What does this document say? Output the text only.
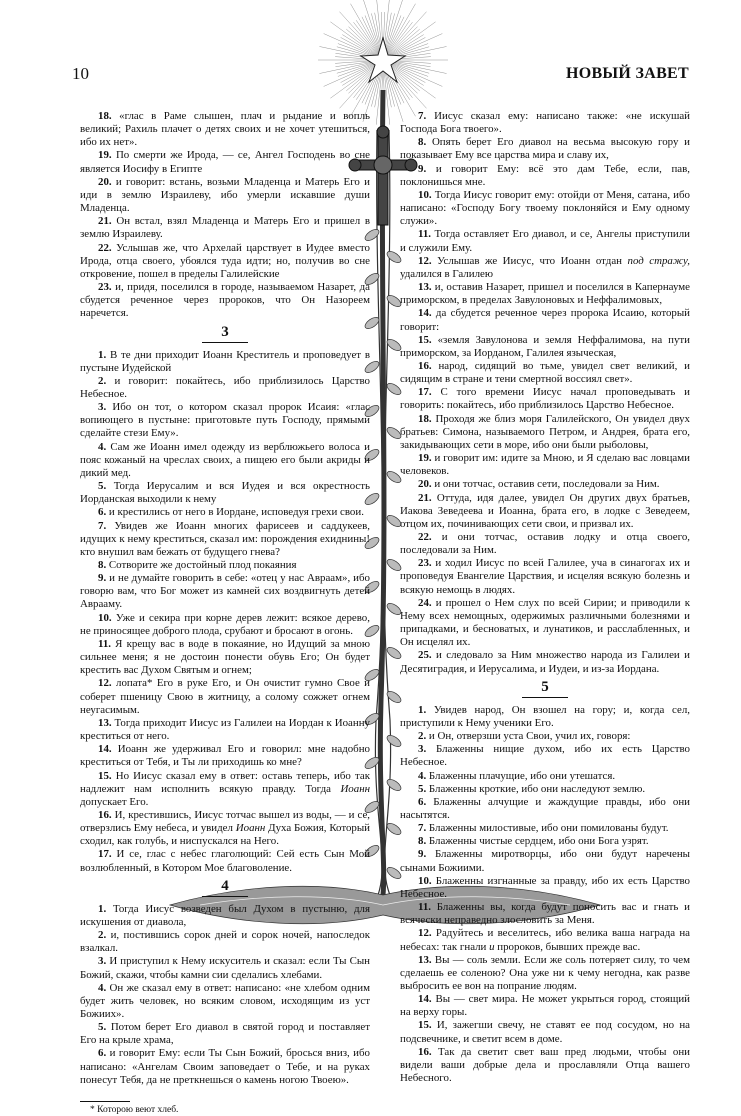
10	НОВЫЙ ЗАВЕТ

18. «глас в Раме слышен, плач и рыдание и вопль великий; Рахиль плачет о детях своих и не хочет утешиться, ибо их нет».

19. По смерти же Ирода, — се, Ангел Господень во сне является Иосифу в Египте

20. и говорит: встань, возьми Младенца и Матерь Его и иди в землю Израилеву, ибо умерли искавшие души Младенца.

21. Он встал, взял Младенца и Матерь Его и пришел в землю Израилеву.

22. Услышав же, что Архелай царствует в Иудее вместо Ирода, отца своего, убоялся туда идти; но, получив во сне откровение, пошел в пределы Галилейские

23. и, придя, поселился в городе, называемом Назарет, да сбудется реченное через пророков, что Он Назореем наречется.

3

1. В те дни приходит Иоанн Креститель и проповедует в пустыне Иудейской

2. и говорит: покайтесь, ибо приблизилось Царство Небесное.

3. Ибо он тот, о котором сказал пророк Исаия: «глас вопиющего в пустыне: приготовьте путь Господу, прямыми сделайте стези Ему».

4. Сам же Иоанн имел одежду из верблюжьего волоса и пояс кожаный на чреслах своих, а пищею его были акриды и дикий мед.

5. Тогда Иерусалим и вся Иудея и вся окрестность Иорданская выходили к нему

6. и крестились от него в Иордане, исповедуя грехи свои.

7. Увидев же Иоанн многих фарисеев и саддукеев, идущих к нему креститься, сказал им: порождения ехиднины! кто внушил вам бежать от будущего гнева?

8. Сотворите же достойный плод покаяния

9. и не думайте говорить в себе: «отец у нас Авраам», ибо говорю вам, что Бог может из камней сих воздвигнуть детей Аврааму.

10. Уже и секира при корне дерев лежит: всякое дерево, не приносящее доброго плода, срубают и бросают в огонь.

11. Я крещу вас в воде в покаяние, но Идущий за мною сильнее меня; я не достоин понести обувь Его; Он будет крестить вас Духом Святым и огнем;

12. лопата* Его в руке Его, и Он очистит гумно Свое и соберет пшеницу Свою в житницу, а солому сожжет огнем неугасимым.

13. Тогда приходит Иисус из Галилеи на Иордан к Иоанну креститься от него.

14. Иоанн же удерживал Его и говорил: мне надобно креститься от Тебя, и Ты ли приходишь ко мне?

15. Но Иисус сказал ему в ответ: оставь теперь, ибо так надлежит нам исполнить всякую правду. Тогда Иоанн допускает Его.

16. И, крестившись, Иисус тотчас вышел из воды, — и се, отверзлись Ему небеса, и увидел Иоанн Духа Божия, Который сходил, как голубь, и ниспускался на Него.

17. И се, глас с небес глаголющий: Сей есть Сын Мой возлюбленный, в Котором Мое благоволение.

4

1. Тогда Иисус возведен был Духом в пустыню, для искушения от диавола,

2. и, постившись сорок дней и сорок ночей, напоследок взалкал.

3. И приступил к Нему искуситель и сказал: если Ты Сын Божий, скажи, чтобы камни сии сделались хлебами.

4. Он же сказал ему в ответ: написано: «не хлебом одним будет жить человек, но всяким словом, исходящим из уст Божиих».

5. Потом берет Его диавол в святой город и поставляет Его на крыле храма,

6. и говорит Ему: если Ты Сын Божий, бросься вниз, ибо написано: «Ангелам Своим заповедает о Тебе, и на руках понесут Тебя, да не преткнешься о камень ногою Твоею».

* Которою веют хлеб.

7. Иисус сказал ему: написано также: «не искушай Господа Бога твоего».

8. Опять берет Его диавол на весьма высокую гору и показывает Ему все царства мира и славу их,

9. и говорит Ему: всё это дам Тебе, если, пав, поклонишься мне.

10. Тогда Иисус говорит ему: отойди от Меня, сатана, ибо написано: «Господу Богу твоему поклоняйся и Ему одному служи».

11. Тогда оставляет Его диавол, и се, Ангелы приступили и служили Ему.

12. Услышав же Иисус, что Иоанн отдан под стражу, удалился в Галилею

13. и, оставив Назарет, пришел и поселился в Капернауме приморском, в пределах Завулоновых и Неффалимовых,

14. да сбудется реченное через пророка Исаию, который говорит:

15. «земля Завулонова и земля Неффалимова, на пути приморском, за Иорданом, Галилея языческая,

16. народ, сидящий во тьме, увидел свет великий, и сидящим в стране и тени смертной воссиял свет».

17. С того времени Иисус начал проповедывать и говорить: покайтесь, ибо приблизилось Царство Небесное.

18. Проходя же близ моря Галилейского, Он увидел двух братьев: Симона, называемого Петром, и Андрея, брата его, закидывающих сети в море, ибо они были рыболовы,

19. и говорит им: идите за Мною, и Я сделаю вас ловцами человеков.

20. и они тотчас, оставив сети, последовали за Ним.

21. Оттуда, идя далее, увидел Он других двух братьев, Иакова Зеведеева и Иоанна, брата его, в лодке с Зеведеем, отцом их, починивающих сети свои, и призвал их.

22. и они тотчас, оставив лодку и отца своего, последовали за Ним.

23. и ходил Иисус по всей Галилее, уча в синагогах их и проповедуя Евангелие Царствия, и исцеляя всякую болезнь и всякую немощь в людях.

24. и прошел о Нем слух по всей Сирии; и приводили к Нему всех немощных, одержимых различными болезнями и припадками, и бесноватых, и лунатиков, и расслабленных, и Он исцелял их.

25. и следовало за Ним множество народа из Галилеи и Десятиградия, и Иерусалима, и Иудеи, и из-за Иордана.

5

1. Увидев народ, Он взошел на гору; и, когда сел, приступили к Нему ученики Его.

2. и Он, отверзши уста Свои, учил их, говоря:

3. Блаженны нищие духом, ибо их есть Царство Небесное.

4. Блаженны плачущие, ибо они утешатся.

5. Блаженны кроткие, ибо они наследуют землю.

6. Блаженны алчущие и жаждущие правды, ибо они насытятся.

7. Блаженны милостивые, ибо они помилованы будут.

8. Блаженны чистые сердцем, ибо они Бога узрят.

9. Блаженны миротворцы, ибо они будут наречены сынами Божиими.

10. Блаженны изгнанные за правду, ибо их есть Царство Небесное.

11. Блаженны вы, когда будут поносить вас и гнать и всячески неправедно злословить за Меня.

12. Радуйтесь и веселитесь, ибо велика ваша награда на небесах: так гнали и пророков, бывших прежде вас.

13. Вы — соль земли. Если же соль потеряет силу, то чем сделаешь ее соленою? Она уже ни к чему негодна, как разве выбросить ее вон на попрание людям.

14. Вы — свет мира. Не может укрыться город, стоящий на верху горы.

15. И, зажегши свечу, не ставят ее под сосудом, но на подсвечнике, и светит всем в доме.

16. Так да светит свет ваш пред людьми, чтобы они видели ваши добрые дела и прославляли Отца вашего Небесного.
